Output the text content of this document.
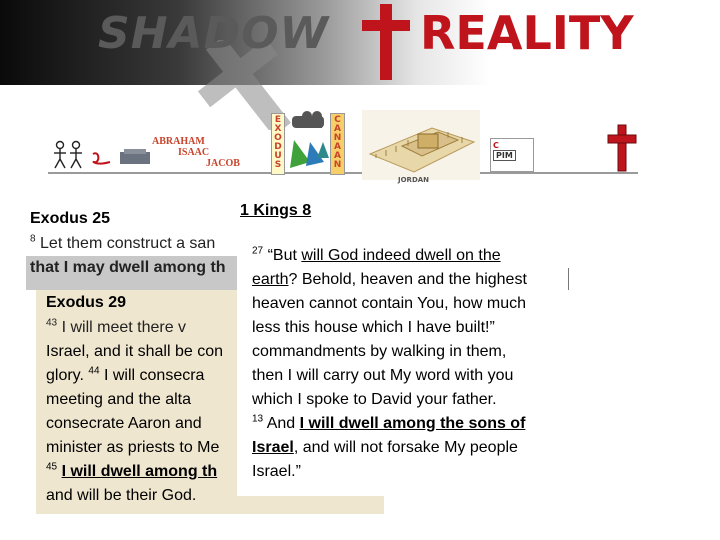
SHADOW REALITY
ABRAHAM
ISAAC
JACOB
E
X
O
D
U
S
C
A
N
A
A
N
JORDAN
C
PIM
Exodus 25
$^8$ Let them construct a san
that I may dwell among th
Exodus 29
$^{43}$ I will meet there v
Israel, and it shall be con
glory. $^{44}$ I will consecra
meeting and the alta
consecrate Aaron and
minister as priests to Me
$^{45}$ I will dwell among th
and will be their God.
1 Kings 8
$^{27}$ “But will God indeed dwell on the
earth? Behold, heaven and the highest
heaven cannot contain You, how much
less this house which I have built!”
commandments by walking in them,
then I will carry out My word with you
which I spoke to David your father.
$^{13}$ And I will dwell among the sons of
Israel, and will not forsake My people
Israel.”
